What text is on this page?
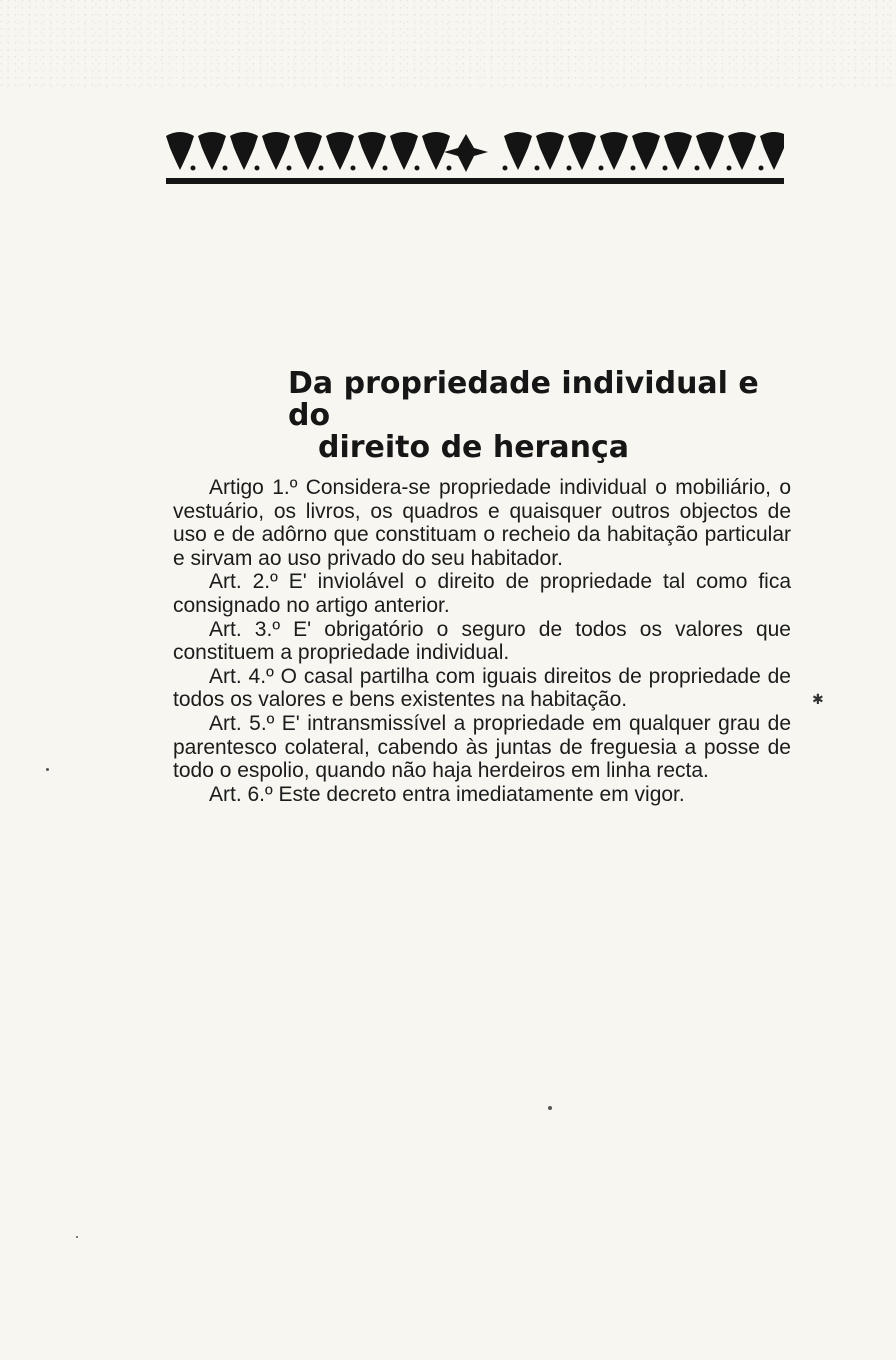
Da propriedade individual e do
direito de herança

Artigo 1.º Considera-se propriedade individual o mobiliário, o vestuário, os livros, os quadros e quaisquer outros objectos de uso e de adôrno que constituam o recheio da habitação particular e sirvam ao uso privado do seu habitador.

Art. 2.º E' inviolável o direito de propriedade tal como fica consignado no artigo anterior.

Art. 3.º E' obrigatório o seguro de todos os valores que constituem a propriedade individual.

Art. 4.º O casal partilha com iguais direitos de propriedade de todos os valores e bens existentes na habitação.

Art. 5.º E' intransmissível a propriedade em qualquer grau de parentesco colateral, cabendo às juntas de freguesia a posse de todo o espolio, quando não haja herdeiros em linha recta.

Art. 6.º Este decreto entra imediatamente em vigor.

✱
